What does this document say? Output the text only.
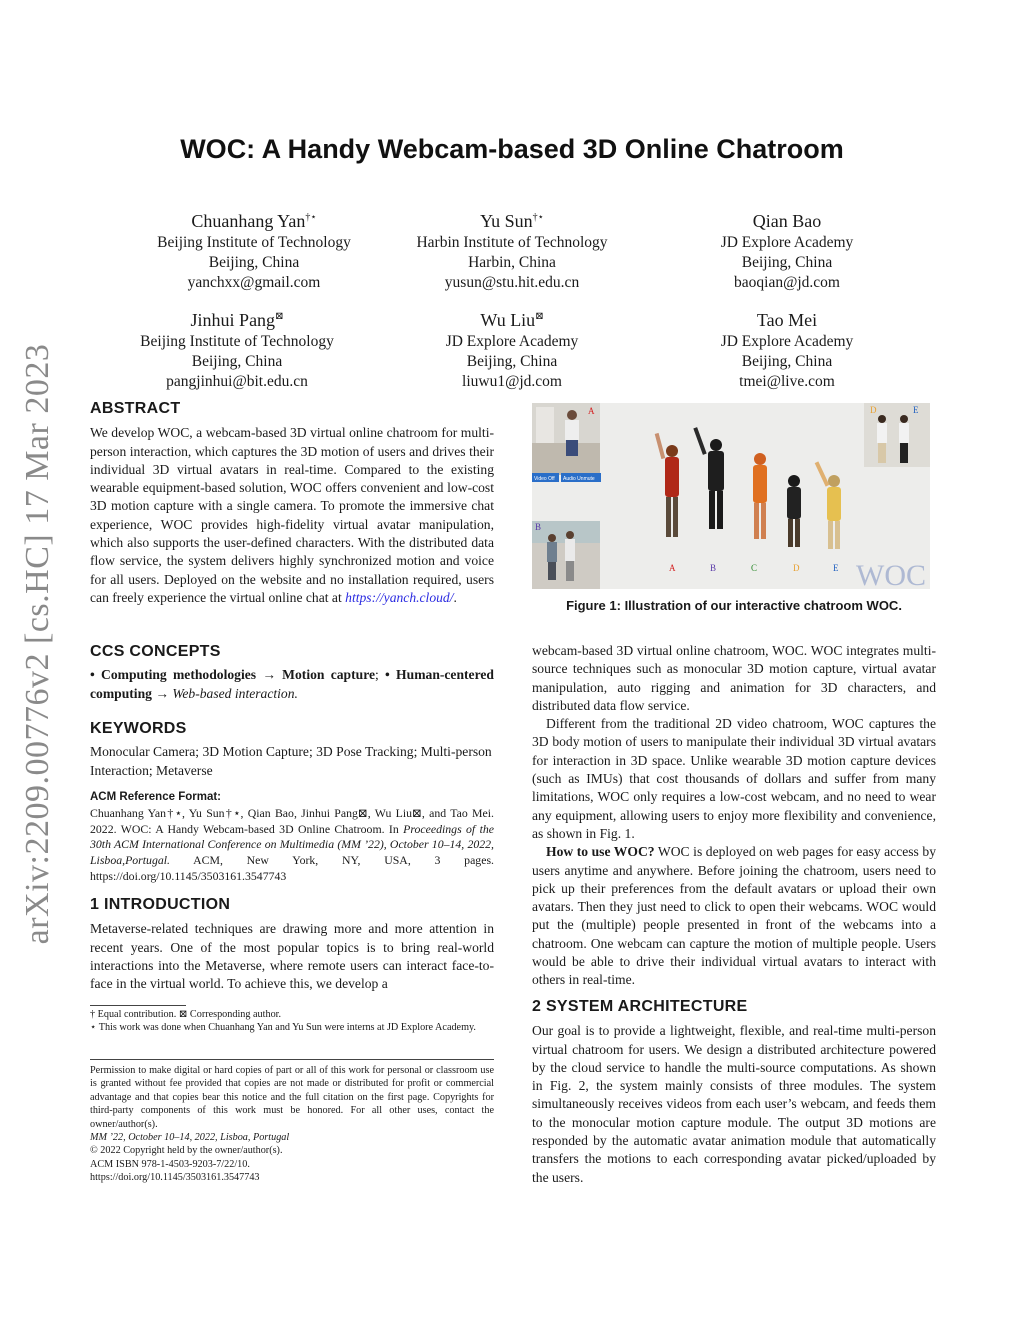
arXiv:2209.00776v2 [cs.HC] 17 Mar 2023
WOC: A Handy Webcam-based 3D Online Chatroom
Chuanhang Yan†⋆
Beijing Institute of Technology
Beijing, China
yanchxx@gmail.com
Yu Sun†⋆
Harbin Institute of Technology
Harbin, China
yusun@stu.hit.edu.cn
Qian Bao
JD Explore Academy
Beijing, China
baoqian@jd.com
Jinhui Pang⊠
Beijing Institute of Technology
Beijing, China
pangjinhui@bit.edu.cn
Wu Liu⊠
JD Explore Academy
Beijing, China
liuwu1@jd.com
Tao Mei
JD Explore Academy
Beijing, China
tmei@live.com
ABSTRACT

We develop WOC, a webcam-based 3D virtual online chatroom for multi-person interaction, which captures the 3D motion of users and drives their individual 3D virtual avatars in real-time. Compared to the existing wearable equipment-based solution, WOC offers convenient and low-cost 3D motion capture with a single camera. To promote the immersive chat experience, WOC provides high-fidelity virtual avatar manipulation, which also supports the user-defined characters. With the distributed data flow service, the system delivers highly synchronized motion and voice for all users. Deployed on the website and no installation required, users can freely experience the virtual online chat at https://yanch.cloud/.

CCS CONCEPTS

• Computing methodologies → Motion capture; • Human-centered computing → Web-based interaction.

KEYWORDS

Monocular Camera; 3D Motion Capture; 3D Pose Tracking; Multi-person Interaction; Metaverse

ACM Reference Format:

Chuanhang Yan†⋆, Yu Sun†⋆, Qian Bao, Jinhui Pang⊠, Wu Liu⊠, and Tao Mei. 2022. WOC: A Handy Webcam-based 3D Online Chatroom. In Proceedings of the 30th ACM International Conference on Multimedia (MM ’22), October 10–14, 2022, Lisboa,Portugal. ACM, New York, NY, USA, 3 pages. https://doi.org/10.1145/3503161.3547743

1 INTRODUCTION

Metaverse-related techniques are drawing more and more attention in recent years. One of the most popular topics is to bring real-world interactions into the Metaverse, where remote users can interact face-to-face in the virtual world. To achieve this, we develop a

† Equal contribution. ⊠ Corresponding author.
⋆ This work was done when Chuanhang Yan and Yu Sun were interns at JD Explore Academy.
Permission to make digital or hard copies of part or all of this work for personal or classroom use is granted without fee provided that copies are not made or distributed for profit or commercial advantage and that copies bear this notice and the full citation on the first page. Copyrights for third-party components of this work must be honored. For all other uses, contact the owner/author(s).
MM ’22, October 10–14, 2022, Lisboa, Portugal
© 2022 Copyright held by the owner/author(s).
ACM ISBN 978-1-4503-9203-7/22/10.
https://doi.org/10.1145/3503161.3547743
A
Video Off Audio Unmute
B
D	E
A	B	C	D	E WOC
Figure 1: Illustration of our interactive chatroom WOC.

webcam-based 3D virtual online chatroom, WOC. WOC integrates multi-source techniques such as monocular 3D motion capture, virtual avatar manipulation, auto rigging and animation for 3D characters, and distributed data flow service.

Different from the traditional 2D video chatroom, WOC captures the 3D body motion of users to manipulate their individual 3D virtual avatars for interaction in 3D space. Unlike wearable 3D motion capture devices (such as IMUs) that cost thousands of dollars and suffer from many limitations, WOC only requires a low-cost webcam, and no need to wear any equipment, allowing users to enjoy more flexibility and convenience, as shown in Fig. 1.

How to use WOC? WOC is deployed on web pages for easy access by users anytime and anywhere. Before joining the chatroom, users need to pick up their preferences from the default avatars or upload their own avatars. Then they just need to click to open their webcams. WOC would put the (multiple) people presented in front of the webcams into a chatroom. One webcam can capture the motion of multiple people. Users would be able to drive their individual virtual avatars to interact with others in real-time.

2 SYSTEM ARCHITECTURE

Our goal is to provide a lightweight, flexible, and real-time multi-person virtual chatroom for users. We design a distributed architecture powered by the cloud service to handle the multi-source computations. As shown in Fig. 2, the system mainly consists of three modules. The system simultaneously receives videos from each user’s webcam, and feeds them to the monocular motion capture module. The output 3D motions are responded by the automatic avatar animation module that automatically transfers the motions to each corresponding avatar picked/uploaded by the users.
